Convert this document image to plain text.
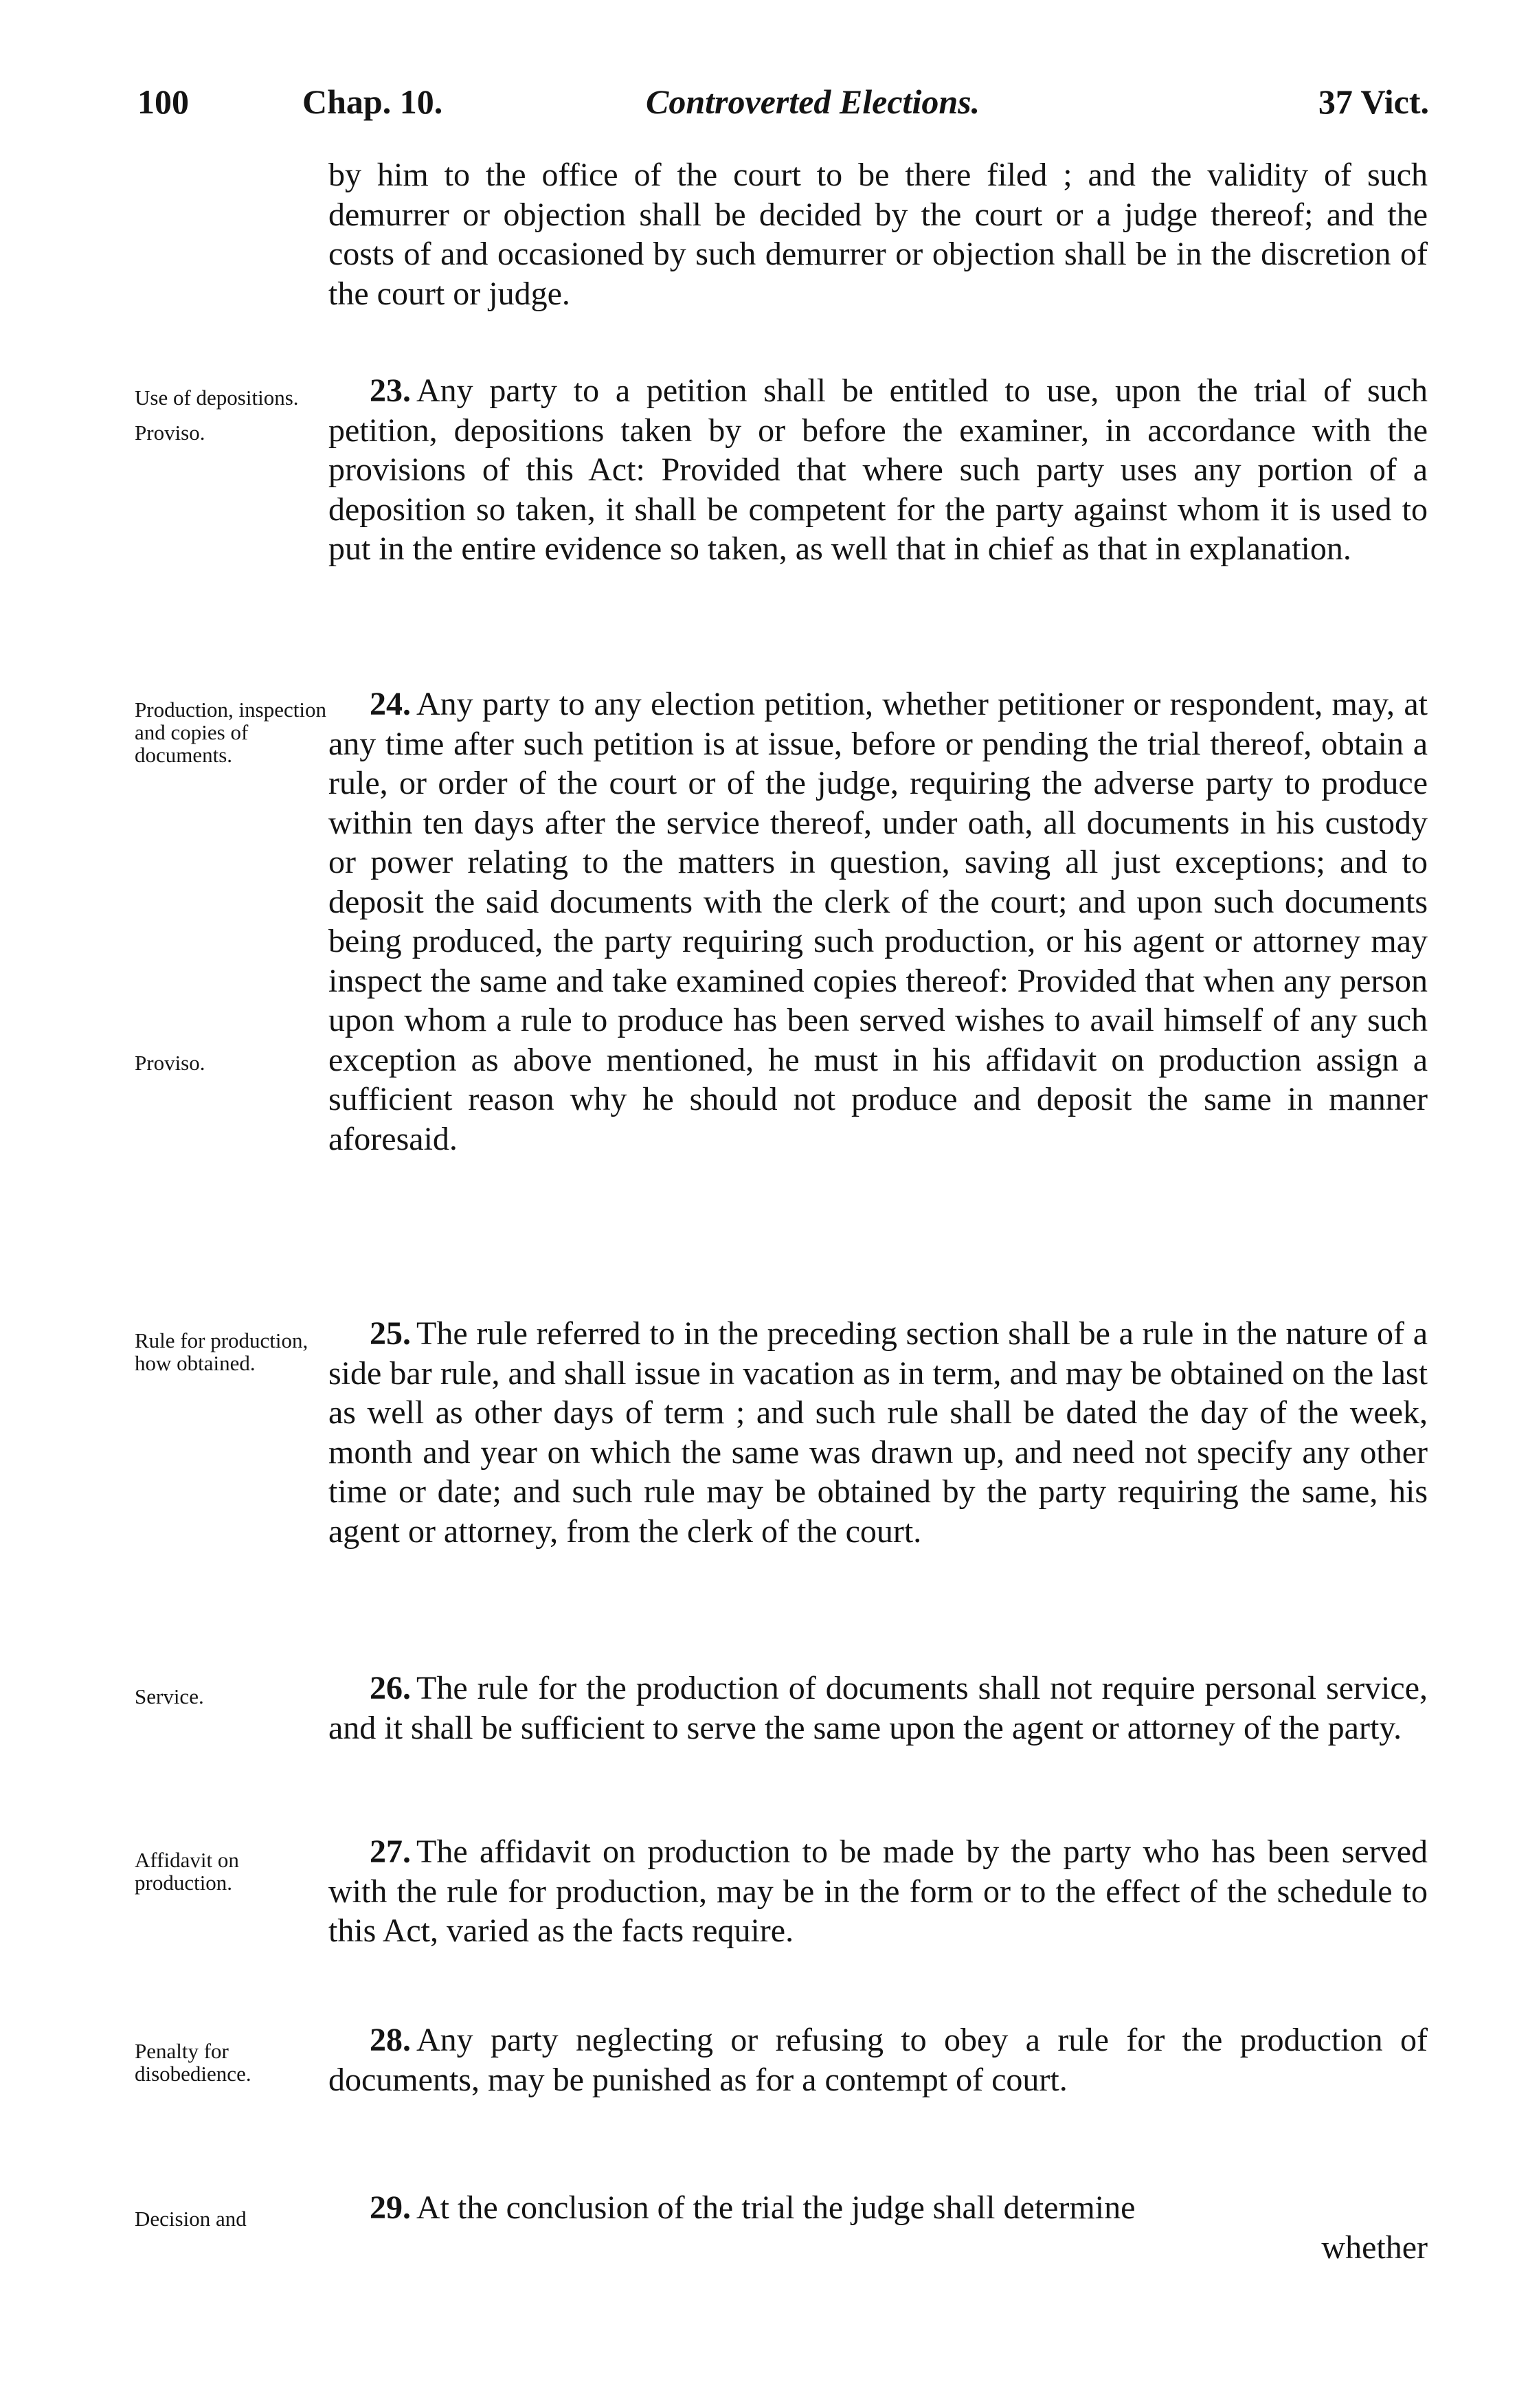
100	Chap. 10.	Controverted Elections.	37 Vict.

by him to the office of the court to be there filed ; and the validity of such demurrer or objection shall be decided by the court or a judge thereof; and the costs of and occasioned by such demurrer or objection shall be in the discretion of the court or judge.

Use of depositions.
Proviso.

23. Any party to a petition shall be entitled to use, upon the trial of such petition, depositions taken by or before the examiner, in accordance with the provisions of this Act: Provided that where such party uses any portion of a deposition so taken, it shall be competent for the party against whom it is used to put in the entire evidence so taken, as well that in chief as that in explanation.

Production, inspection and copies of documents.
Proviso.

24. Any party to any election petition, whether petitioner or respondent, may, at any time after such petition is at issue, before or pending the trial thereof, obtain a rule, or order of the court or of the judge, requiring the adverse party to produce within ten days after the service thereof, under oath, all documents in his custody or power relating to the matters in question, saving all just exceptions; and to deposit the said documents with the clerk of the court; and upon such documents being produced, the party requiring such production, or his agent or attorney may inspect the same and take examined copies thereof: Provided that when any person upon whom a rule to produce has been served wishes to avail himself of any such exception as above mentioned, he must in his affidavit on production assign a sufficient reason why he should not produce and deposit the same in manner aforesaid.

Rule for production, how obtained.

25. The rule referred to in the preceding section shall be a rule in the nature of a side bar rule, and shall issue in vacation as in term, and may be obtained on the last as well as other days of term ; and such rule shall be dated the day of the week, month and year on which the same was drawn up, and need not specify any other time or date; and such rule may be obtained by the party requiring the same, his agent or attorney, from the clerk of the court.

Service.	26. The rule for the production of documents shall not require personal service, and it shall be sufficient to serve the same upon the agent or attorney of the party.

Affidavit on production.

27. The affidavit on production to be made by the party who has been served with the rule for production, may be in the form or to the effect of the schedule to this Act, varied as the facts require.

Penalty for disobedience.

28. Any party neglecting or refusing to obey a rule for the production of documents, may be punished as for a contempt of court.

Decision and	29. At the conclusion of the trial the judge shall determine

whether
